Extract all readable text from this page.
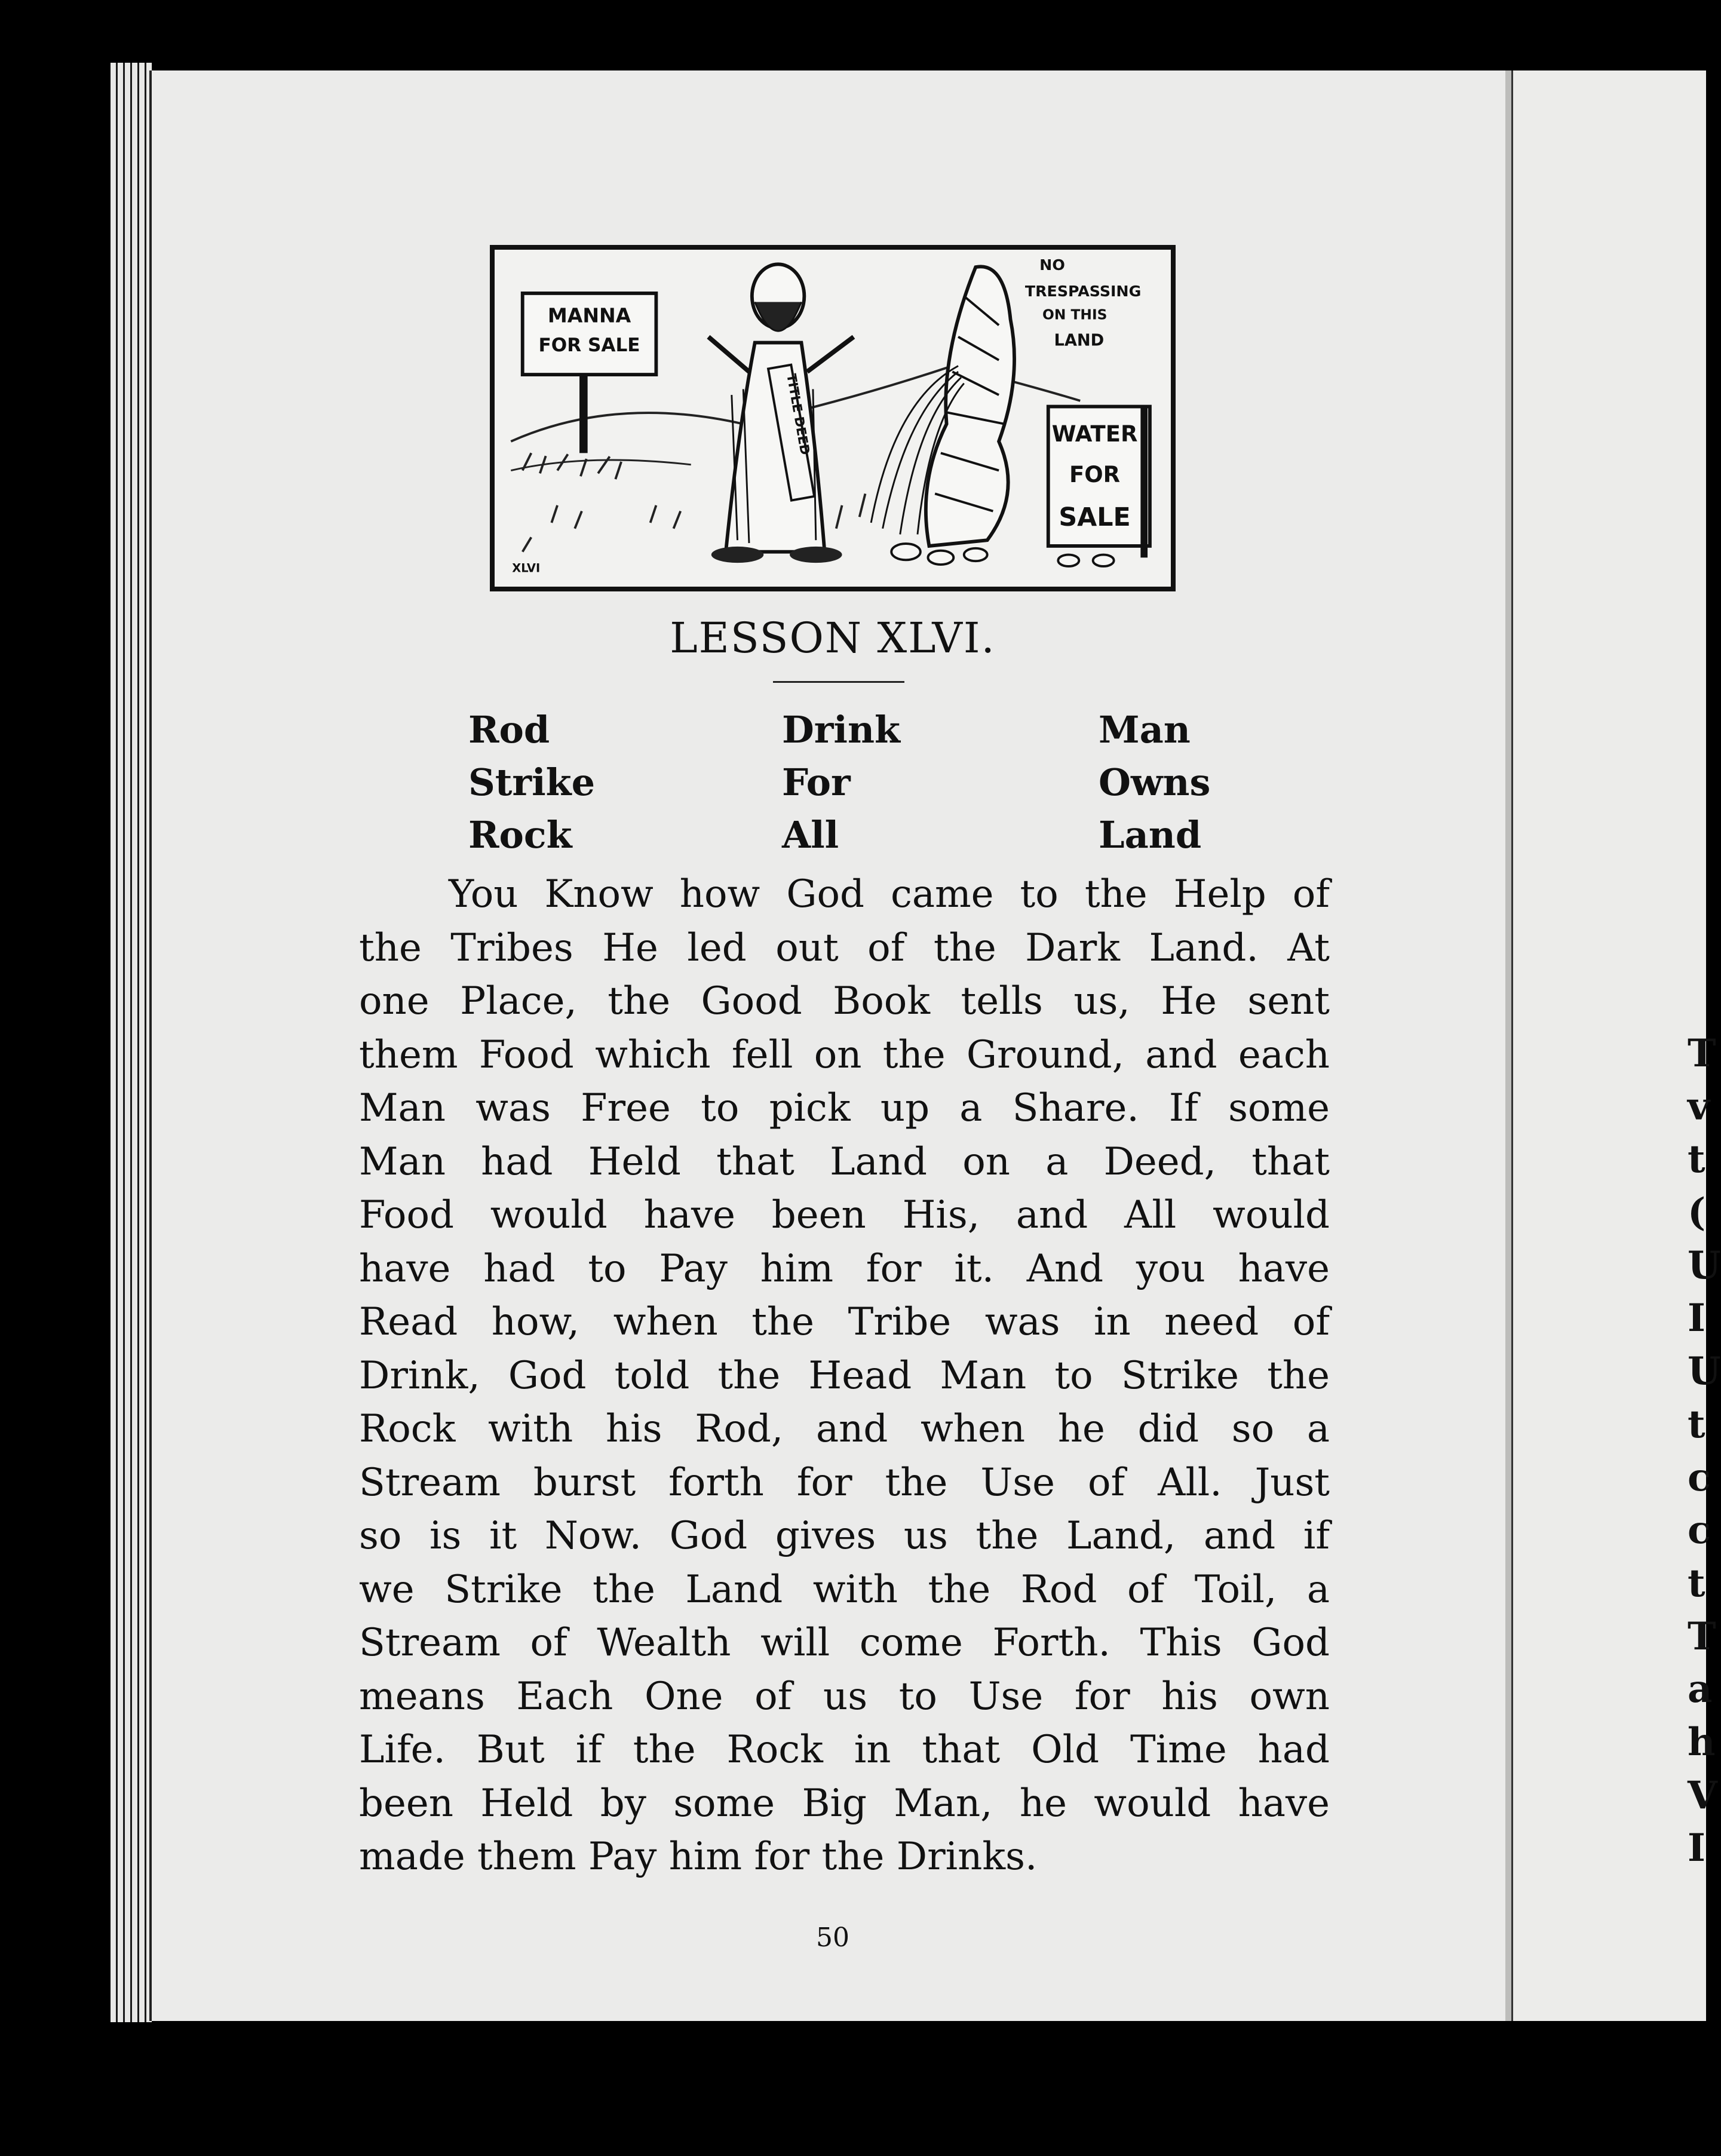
MANNA
FOR SALE
TITLE DEED
NO
TRESPASSING
ON THIS
LAND
WATER
FOR
SALE
XLVI
LESSON XLVI.
Rod
Strike
Rock
Drink
For
All
Man
Owns
Land
You Know how God came to the Help of
the Tribes He led out of the Dark Land. At
one Place, the Good Book tells us, He sent
them Food which fell on the Ground, and each
Man was Free to pick up a Share. If some
Man had Held that Land on a Deed, that
Food would have been His, and All would
have had to Pay him for it. And you have
Read how, when the Tribe was in need of
Drink, God told the Head Man to Strike the
Rock with his Rod, and when he did so a
Stream burst forth for the Use of All. Just
so is it Now. God gives us the Land, and if
we Strike the Land with the Rod of Toil, a
Stream of Wealth will come Forth. This God
means Each One of us to Use for his own
Life. But if the Rock in that Old Time had
been Held by some Big Man, he would have
made them Pay him for the Drinks.
50
T
v
t
(
U
I
U
t
c
c
t
T
a
h
V
I
